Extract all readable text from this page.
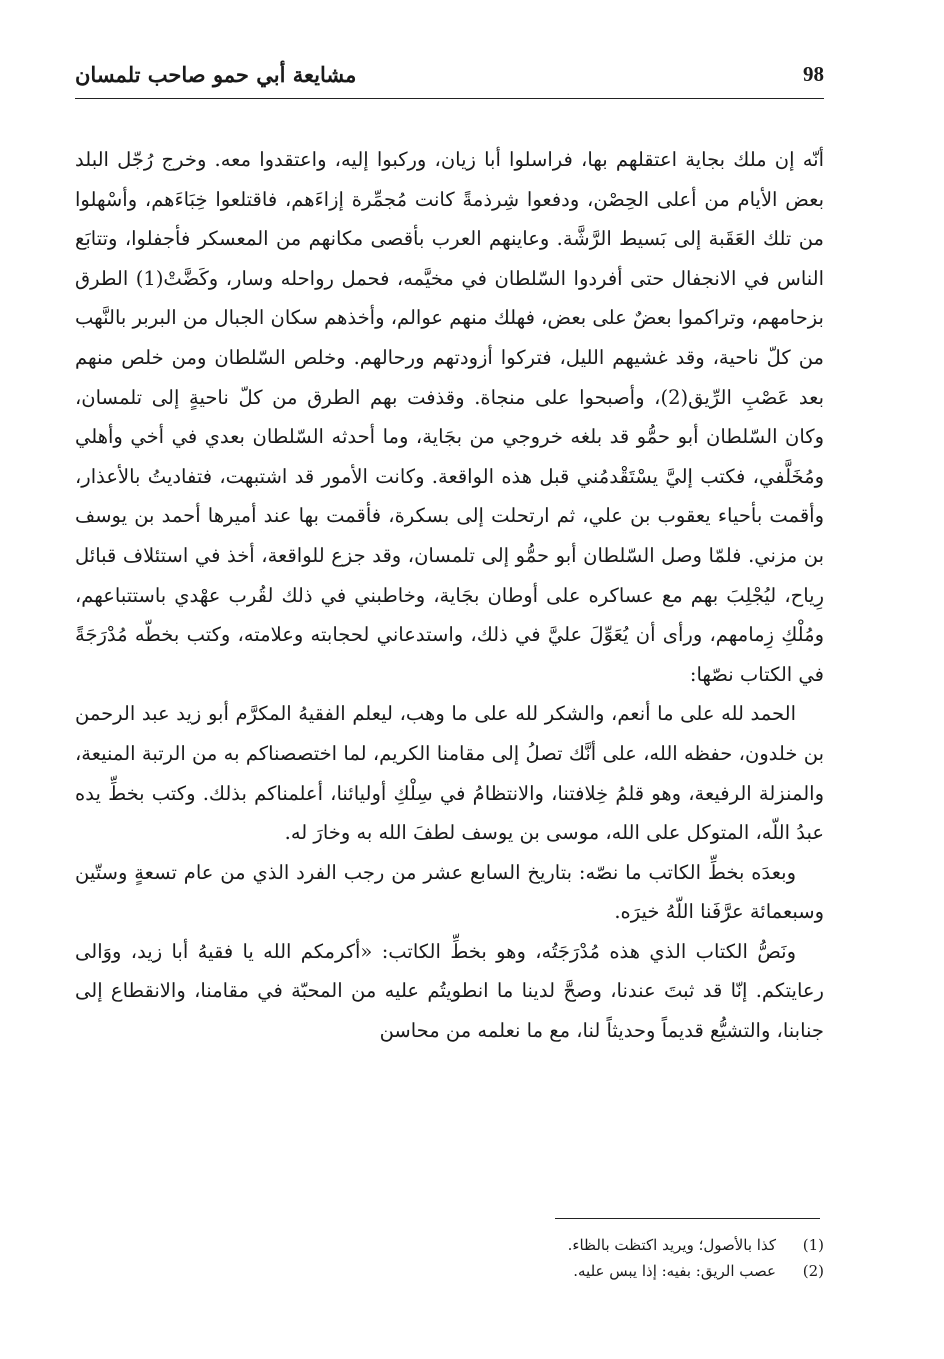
مشايعة أبي حمو صاحب تلمسان	98

أنّه إن ملك بجاية اعتقلهم بها، فراسلوا أبا زيان، وركبوا إليه، واعتقدوا معه. وخرج رُجّل البلد بعض الأيام من أعلى الحِصْن، ودفعوا شِرذمةً كانت مُجمِّرة إزاءَهم، فاقتلعوا خِبَاءَهم، وأسْهلوا من تلك العَقَبة إلى بَسيط الرَّشَّة. وعاينهم العرب بأقصى مكانهم من المعسكر فأجفلوا، وتتابَع الناس في الانجفال حتى أفردوا السّلطان في مخيَّمه، فحمل رواحله وسار، وكَضَّتْ(1) الطرق بزحامهم، وتراكموا بعضٌ على بعض، فهلك منهم عوالم، وأخذهم سكان الجبال من البربر بالنَّهب من كلّ ناحية، وقد غشيهم الليل، فتركوا أزودتهم ورحالهم. وخلص السّلطان ومن خلص منهم بعد عَصْبِ الرِّيق(2)، وأصبحوا على منجاة. وقذفت بهم الطرق من كلّ ناحيةٍ إلى تلمسان، وكان السّلطان أبو حمُّو قد بلغه خروجي من بجَاية، وما أحدثه السّلطان بعدي في أخي وأهلي ومُخَلَّفي، فكتب إليَّ يسْتَقْدمُني قبل هذه الواقعة. وكانت الأمور قد اشتبهت، فتفاديتُ بالأعذار، وأقمت بأحياء يعقوب بن علي، ثم ارتحلت إلى بسكرة، فأقمت بها عند أميرها أحمد بن يوسف بن مزني. فلمّا وصل السّلطان أبو حمُّو إلى تلمسان، وقد جزع للواقعة، أخذ في استئلاف قبائل رِياح، ليُجْلِبَ بهم مع عساكره على أوطان بجَاية، وخاطبني في ذلك لقُرب عهْدي باستتباعهم، ومُلْكِ زِمامهم، ورأى أن يُعَوِّلَ عليَّ في ذلك، واستدعاني لحجابته وعلامته، وكتب بخطّه مُدْرَجَةً في الكتاب نصّها:

الحمد لله على ما أنعم، والشكر لله على ما وهب، ليعلم الفقيهُ المكرَّم أبو زيد عبد الرحمن بن خلدون، حفظه الله، على أنَّك تصلُ إلى مقامنا الكريم، لما اختصصناكم به من الرتبة المنيعة، والمنزلة الرفيعة، وهو قلمُ خِلافتنا، والانتظامُ في سِلْكِ أوليائنا، أعلمناكم بذلك. وكتب بخطِّ يده عبدُ اللّه، المتوكل على الله، موسى بن يوسف لطفَ الله به وخارَ له.

وبعدَه بخطِّ الكاتب ما نصّه: بتاريخ السابع عشر من رجب الفرد الذي من عام تسعةٍ وستّين وسبعمائة عرَّفَنا اللّهُ خيرَه.

ونَصُّ الكتاب الذي هذه مُدْرَجَتُه، وهو بخطِّ الكاتب: «أكرمكم الله يا فقيهُ أبا زيد، ووَالى رعايتكم. إنّا قد ثبتَ عندنا، وصحَّ لدينا ما انطويتُم عليه من المحبّة في مقامنا، والانقطاع إلى جنابنا، والتشيُّع قديماً وحديثاً لنا، مع ما نعلمه من محاسن

(1)
كذا بالأصول؛ ويريد اكتظت بالظاء.
(2)
عصب الريق: بفيه: إذا يبس عليه.
